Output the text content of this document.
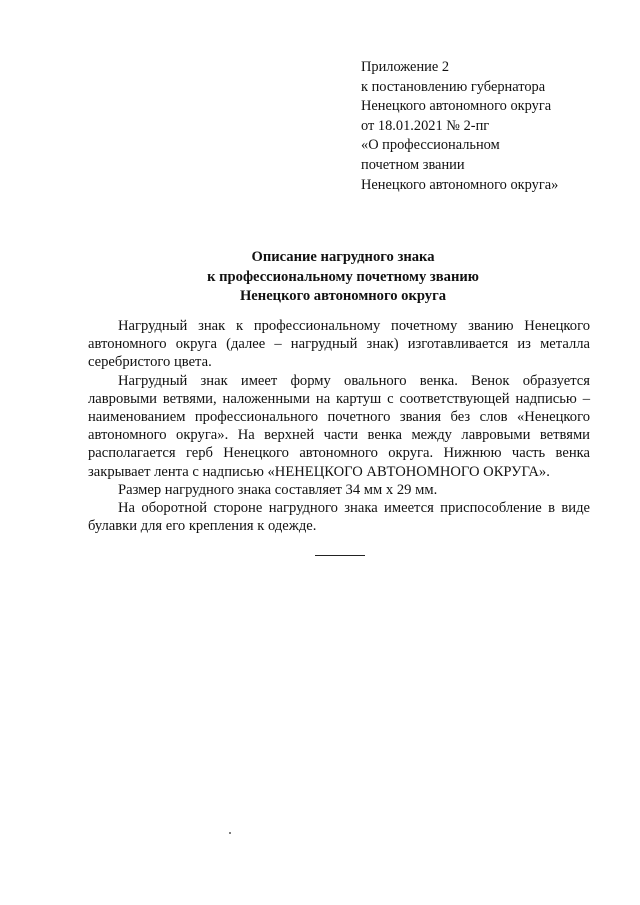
Приложение 2
к постановлению губернатора
Ненецкого автономного округа
от 18.01.2021 № 2-пг
«О профессиональном
почетном звании
Ненецкого автономного округа»
Описание нагрудного знака
к профессиональному почетному званию
Ненецкого автономного округа

Нагрудный знак к профессиональному почетному званию Ненецкого автономного округа (далее – нагрудный знак) изготавливается из металла серебристого цвета.

Нагрудный знак имеет форму овального венка. Венок образуется лавровыми ветвями, наложенными на картуш с соответствующей надписью – наименованием профессионального почетного звания без слов «Ненецкого автономного округа». На верхней части венка между лавровыми ветвями располагается герб Ненецкого автономного округа. Нижнюю часть венка закрывает лента с надписью «НЕНЕЦКОГО АВТОНОМНОГО ОКРУГА».

Размер нагрудного знака составляет 34 мм х 29 мм.

На оборотной стороне нагрудного знака имеется приспособление в виде булавки для его крепления к одежде.
